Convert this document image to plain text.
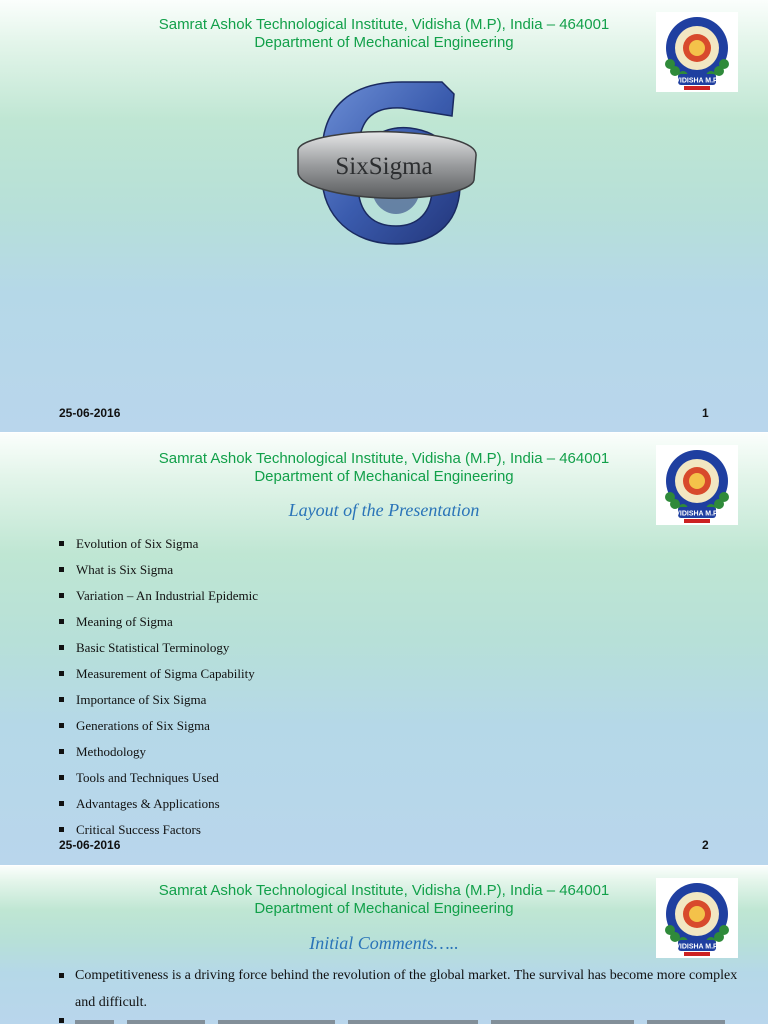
Samrat Ashok Technological Institute, Vidisha (M.P), India – 464001
Department of Mechanical Engineering
VIDISHA M.P.
SixSigma
25-06-2016	1
Samrat Ashok Technological Institute, Vidisha (M.P), India – 464001
Department of Mechanical Engineering
VIDISHA M.P.
Layout of the Presentation
Evolution of Six Sigma
What is Six Sigma
Variation – An Industrial Epidemic
Meaning of Sigma
Basic Statistical Terminology
Measurement of Sigma Capability
Importance of Six Sigma
Generations of Six Sigma
Methodology
Tools and Techniques Used
Advantages & Applications
Critical Success Factors
25-06-2016	2
Samrat Ashok Technological Institute, Vidisha (M.P), India – 464001
Department of Mechanical Engineering
VIDISHA M.P.
Initial Comments…..
Competitiveness is a driving force behind the revolution of the global market. The survival has become more complex and difficult.
